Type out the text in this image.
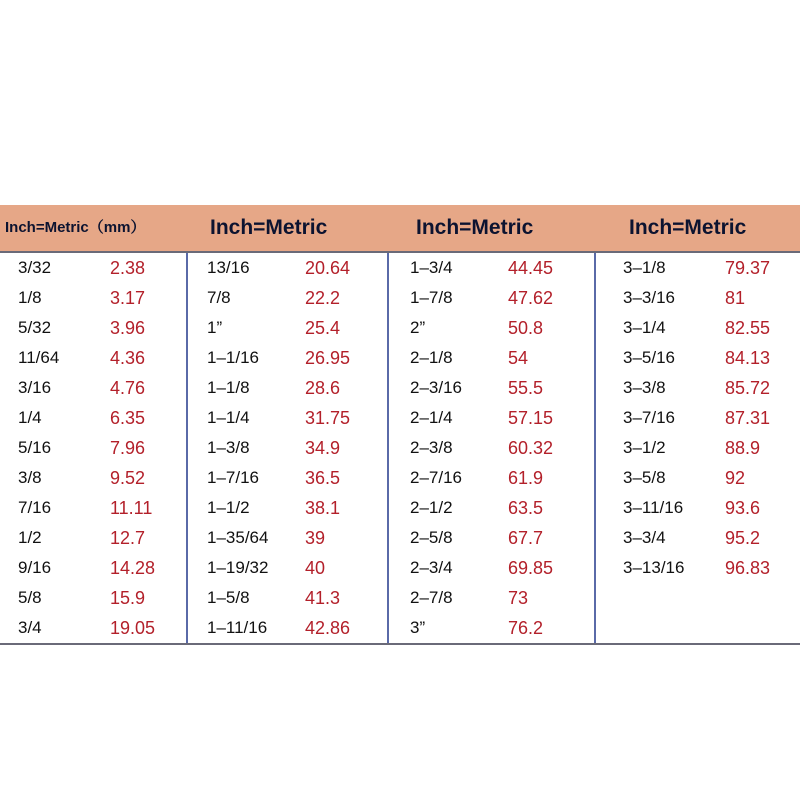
Inch=Metric（mm）
3/32	2.38
1/8	3.17
5/32	3.96
11/64	4.36
3/16	4.76
1/4	6.35
5/16	7.96
3/8	9.52
7/16	11.11
1/2	12.7
9/16	14.28
5/8	15.9
3/4	19.05
Inch=Metric
13/16	20.64
7/8	22.2
1”	25.4
1–1/16	26.95
1–1/8	28.6
1–1/4	31.75
1–3/8	34.9
1–7/16	36.5
1–1/2	38.1
1–35/64 39
1–19/32 40
1–5/8	41.3
1–11/16 42.86
Inch=Metric
1–3/4	44.45
1–7/8	47.62
2”	50.8
2–1/8	54
2–3/16	55.5
2–1/4	57.15
2–3/8	60.32
2–7/16	61.9
2–1/2	63.5
2–5/8	67.7
2–3/4	69.85
2–7/8	73
3”	76.2
Inch=Metric
3–1/8	79.37
3–3/16	81
3–1/4	82.55
3–5/16	84.13
3–3/8	85.72
3–7/16	87.31
3–1/2	88.9
3–5/8	92
3–11/16 93.6
3–3/4	95.2
3–13/16 96.83
